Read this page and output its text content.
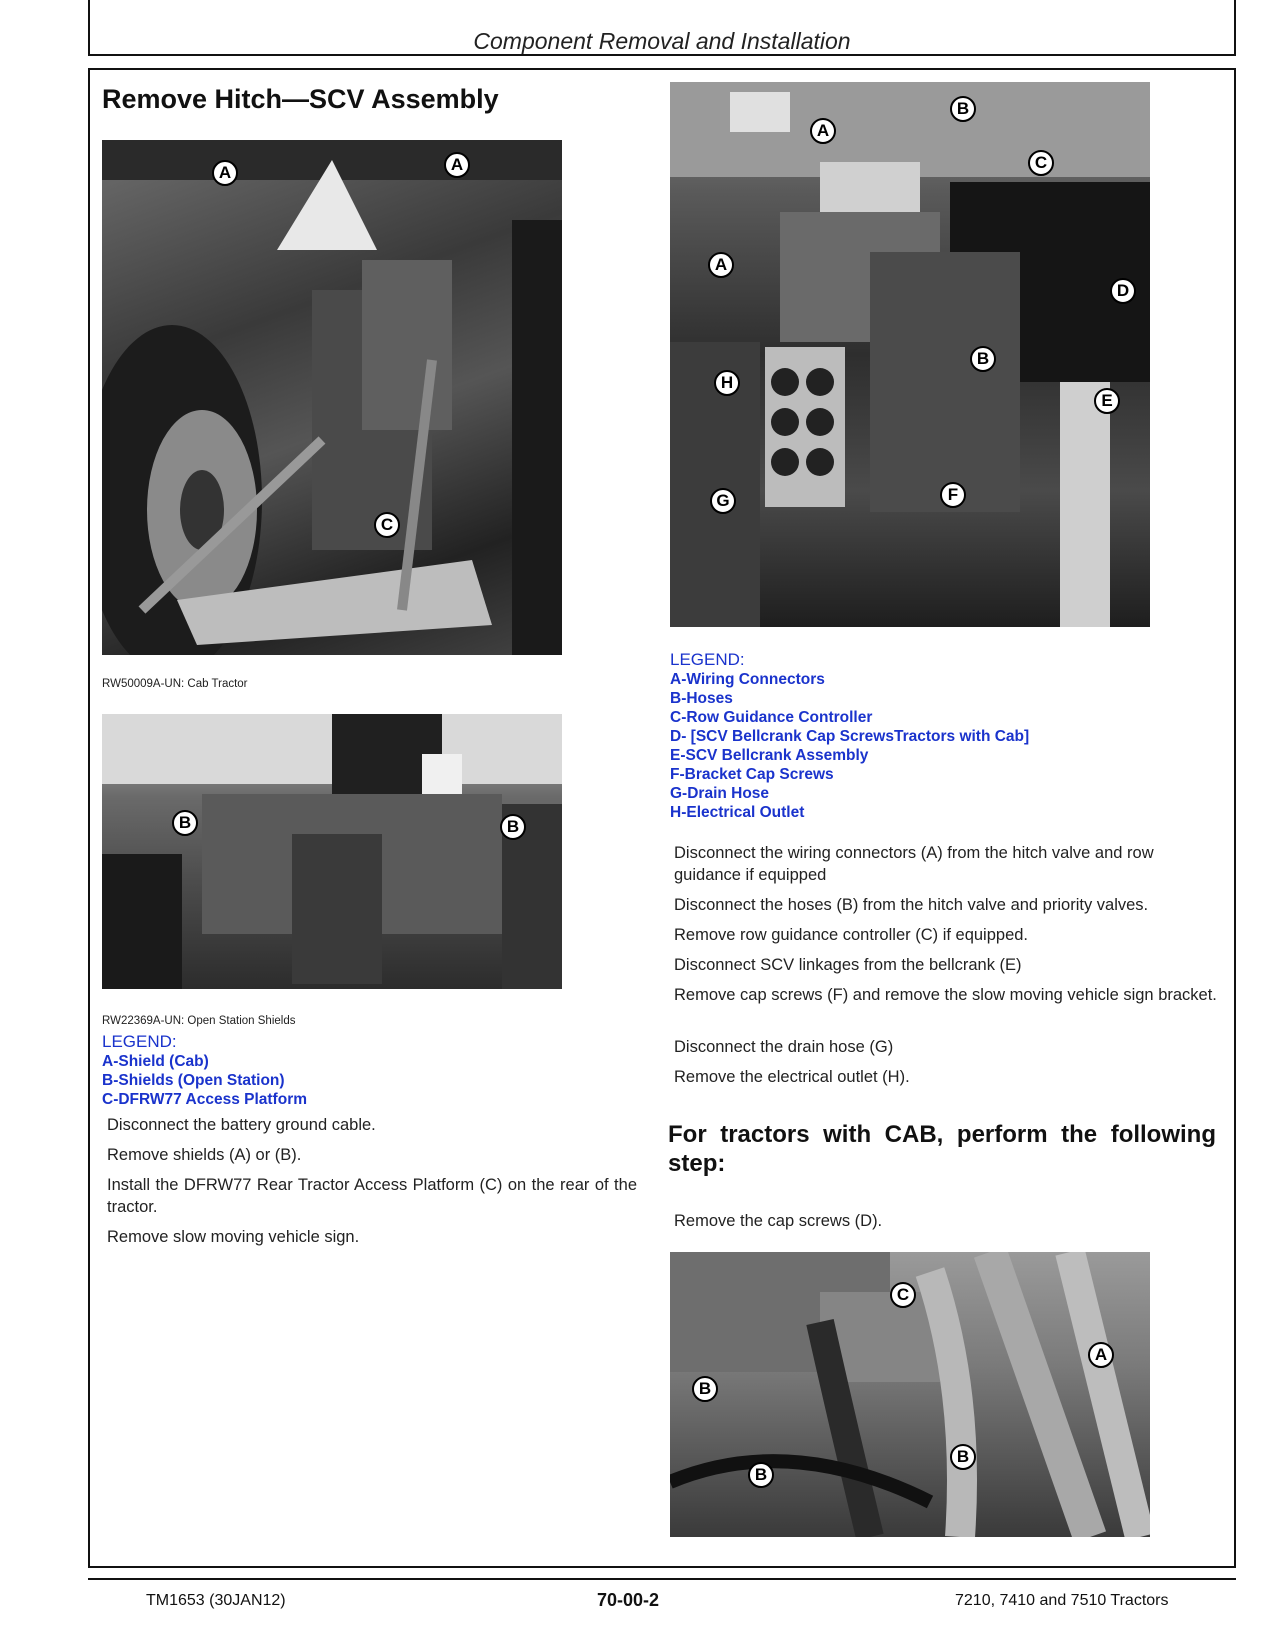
Component Removal and Installation
Remove Hitch—SCV Assembly
A	A
C
RW50009A-UN: Cab Tractor
B	B
RW22369A-UN: Open Station Shields
LEGEND:
A-Shield (Cab)
B-Shields (Open Station)
C-DFRW77 Access Platform
Disconnect the battery ground cable.
Remove shields (A) or (B).
Install the DFRW77 Rear Tractor Access Platform (C) on the rear of the tractor.
Remove slow moving vehicle sign.
A
B
C
A
D
B
E
H
F
G
LEGEND:
A-Wiring Connectors
B-Hoses
C-Row Guidance Controller
D- [SCV Bellcrank Cap ScrewsTractors with Cab]
E-SCV Bellcrank Assembly
F-Bracket Cap Screws
G-Drain Hose
H-Electrical Outlet
Disconnect the wiring connectors (A) from the hitch valve and row guidance if equipped
Disconnect the hoses (B) from the hitch valve and priority valves.
Remove row guidance controller (C) if equipped.
Disconnect SCV linkages from the bellcrank (E)
Remove cap screws (F) and remove the slow moving vehicle sign bracket.
Disconnect the drain hose (G)
Remove the electrical outlet (H).
For tractors with CAB, perform the following step:
Remove the cap screws (D).
C
A
B
B
B
TM1653 (30JAN12)	70-00-2	7210, 7410 and 7510 Tractors
